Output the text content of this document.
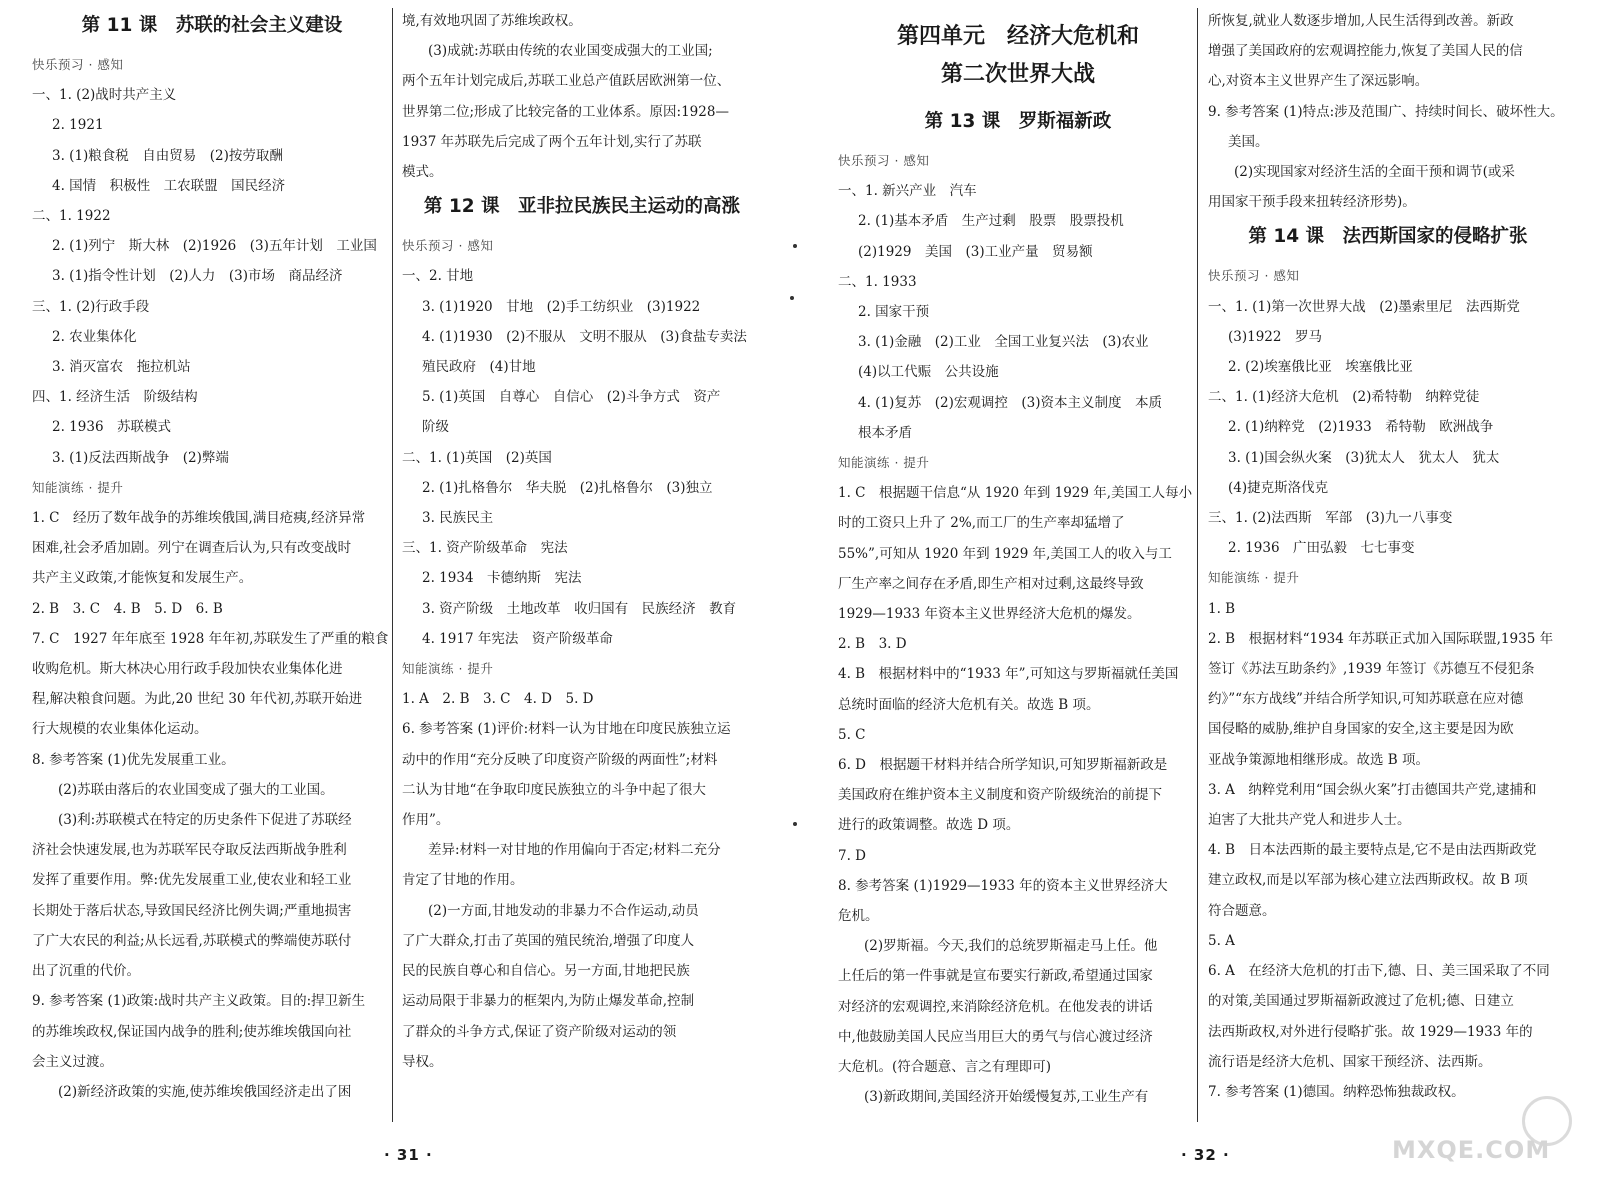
第 11 课　苏联的社会主义建设
快乐预习 · 感知
一、1. (2)战时共产主义
2. 1921
3. (1)粮食税　自由贸易　(2)按劳取酬
4. 国情　积极性　工农联盟　国民经济
二、1. 1922
2. (1)列宁　斯大林　(2)1926　(3)五年计划　工业国
3. (1)指令性计划　(2)人力　(3)市场　商品经济
三、1. (2)行政手段
2. 农业集体化
3. 消灭富农　拖拉机站
四、1. 经济生活　阶级结构
2. 1936　苏联模式
3. (1)反法西斯战争　(2)弊端
知能演练 · 提升
1. C　经历了数年战争的苏维埃俄国,满目疮痍,经济异常
困难,社会矛盾加剧。列宁在调查后认为,只有改变战时
共产主义政策,才能恢复和发展生产。
2. B　3. C　4. B　5. D　6. B
7. C　1927 年年底至 1928 年年初,苏联发生了严重的粮食
收购危机。斯大林决心用行政手段加快农业集体化进
程,解决粮食问题。为此,20 世纪 30 年代初,苏联开始进
行大规模的农业集体化运动。
8. 参考答案 (1)优先发展重工业。
(2)苏联由落后的农业国变成了强大的工业国。
(3)利:苏联模式在特定的历史条件下促进了苏联经
济社会快速发展,也为苏联军民夺取反法西斯战争胜利
发挥了重要作用。弊:优先发展重工业,使农业和轻工业
长期处于落后状态,导致国民经济比例失调;严重地损害
了广大农民的利益;从长远看,苏联模式的弊端使苏联付
出了沉重的代价。
9. 参考答案 (1)政策:战时共产主义政策。目的:捍卫新生
的苏维埃政权,保证国内战争的胜利;使苏维埃俄国向社
会主义过渡。
(2)新经济政策的实施,使苏维埃俄国经济走出了困
境,有效地巩固了苏维埃政权。
(3)成就:苏联由传统的农业国变成强大的工业国;
两个五年计划完成后,苏联工业总产值跃居欧洲第一位、
世界第二位;形成了比较完备的工业体系。原因:1928—
1937 年苏联先后完成了两个五年计划,实行了苏联
模式。
第 12 课　亚非拉民族民主运动的高涨
快乐预习 · 感知
一、2. 甘地
3. (1)1920　甘地　(2)手工纺织业　(3)1922
4. (1)1930　(2)不服从　文明不服从　(3)食盐专卖法
殖民政府　(4)甘地
5. (1)英国　自尊心　自信心　(2)斗争方式　资产
阶级
二、1. (1)英国　(2)英国
2. (1)扎格鲁尔　华夫脱　(2)扎格鲁尔　(3)独立
3. 民族民主
三、1. 资产阶级革命　宪法
2. 1934　卡德纳斯　宪法
3. 资产阶级　土地改革　收归国有　民族经济　教育
4. 1917 年宪法　资产阶级革命
知能演练 · 提升
1. A　2. B　3. C　4. D　5. D
6. 参考答案 (1)评价:材料一认为甘地在印度民族独立运
动中的作用“充分反映了印度资产阶级的两面性”;材料
二认为甘地“在争取印度民族独立的斗争中起了很大
作用”。
差异:材料一对甘地的作用偏向于否定;材料二充分
肯定了甘地的作用。
(2)一方面,甘地发动的非暴力不合作运动,动员
了广大群众,打击了英国的殖民统治,增强了印度人
民的民族自尊心和自信心。另一方面,甘地把民族
运动局限于非暴力的框架内,为防止爆发革命,控制
了群众的斗争方式,保证了资产阶级对运动的领
导权。
· 31 ·
第四单元　经济大危机和
第二次世界大战
第 13 课　罗斯福新政
快乐预习 · 感知
一、1. 新兴产业　汽车
2. (1)基本矛盾　生产过剩　股票　股票投机
(2)1929　美国　(3)工业产量　贸易额
二、1. 1933
2. 国家干预
3. (1)金融　(2)工业　全国工业复兴法　(3)农业
(4)以工代赈　公共设施
4. (1)复苏　(2)宏观调控　(3)资本主义制度　本质
根本矛盾
知能演练 · 提升
1. C　根据题干信息“从 1920 年到 1929 年,美国工人每小
时的工资只上升了 2%,而工厂的生产率却猛增了
55%”,可知从 1920 年到 1929 年,美国工人的收入与工
厂生产率之间存在矛盾,即生产相对过剩,这最终导致
1929—1933 年资本主义世界经济大危机的爆发。
2. B　3. D
4. B　根据材料中的“1933 年”,可知这与罗斯福就任美国
总统时面临的经济大危机有关。故选 B 项。
5. C
6. D　根据题干材料并结合所学知识,可知罗斯福新政是
美国政府在维护资本主义制度和资产阶级统治的前提下
进行的政策调整。故选 D 项。
7. D
8. 参考答案 (1)1929—1933 年的资本主义世界经济大
危机。
(2)罗斯福。今天,我们的总统罗斯福走马上任。他
上任后的第一件事就是宣布要实行新政,希望通过国家
对经济的宏观调控,来消除经济危机。在他发表的讲话
中,他鼓励美国人民应当用巨大的勇气与信心渡过经济
大危机。(符合题意、言之有理即可)
(3)新政期间,美国经济开始缓慢复苏,工业生产有
所恢复,就业人数逐步增加,人民生活得到改善。新政
增强了美国政府的宏观调控能力,恢复了美国人民的信
心,对资本主义世界产生了深远影响。
9. 参考答案 (1)特点:涉及范围广、持续时间长、破坏性大。
美国。
(2)实现国家对经济生活的全面干预和调节(或采
用国家干预手段来扭转经济形势)。
第 14 课　法西斯国家的侵略扩张
快乐预习 · 感知
一、1. (1)第一次世界大战　(2)墨索里尼　法西斯党
(3)1922　罗马
2. (2)埃塞俄比亚　埃塞俄比亚
二、1. (1)经济大危机　(2)希特勒　纳粹党徒
2. (1)纳粹党　(2)1933　希特勒　欧洲战争
3. (1)国会纵火案　(3)犹太人　犹太人　犹太
(4)捷克斯洛伐克
三、1. (2)法西斯　军部　(3)九一八事变
2. 1936　广田弘毅　七七事变
知能演练 · 提升
1. B
2. B　根据材料“1934 年苏联正式加入国际联盟,1935 年
签订《苏法互助条约》,1939 年签订《苏德互不侵犯条
约》”“东方战线”并结合所学知识,可知苏联意在应对德
国侵略的威胁,维护自身国家的安全,这主要是因为欧
亚战争策源地相继形成。故选 B 项。
3. A　纳粹党利用“国会纵火案”打击德国共产党,逮捕和
迫害了大批共产党人和进步人士。
4. B　日本法西斯的最主要特点是,它不是由法西斯政党
建立政权,而是以军部为核心建立法西斯政权。故 B 项
符合题意。
5. A
6. A　在经济大危机的打击下,德、日、美三国采取了不同
的对策,美国通过罗斯福新政渡过了危机;德、日建立
法西斯政权,对外进行侵略扩张。故 1929—1933 年的
流行语是经济大危机、国家干预经济、法西斯。
7. 参考答案 (1)德国。纳粹恐怖独裁政权。
· 32 ·	MXQE.COM
